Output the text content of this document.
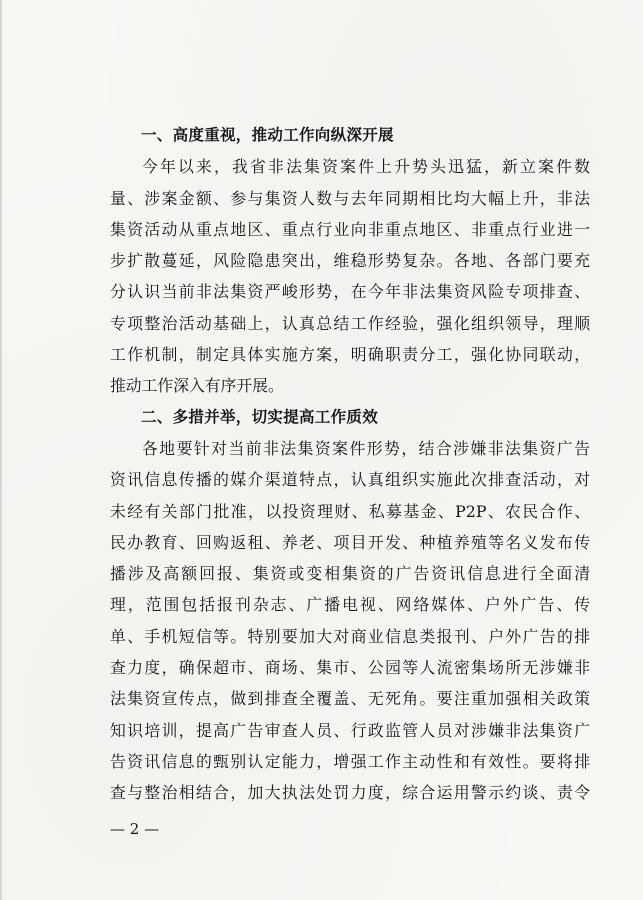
一、高度重视，推动工作向纵深开展
今年以来，我省非法集资案件上升势头迅猛，新立案件数
量、涉案金额、参与集资人数与去年同期相比均大幅上升，非法
集资活动从重点地区、重点行业向非重点地区、非重点行业进一
步扩散蔓延，风险隐患突出，维稳形势复杂。各地、各部门要充
分认识当前非法集资严峻形势，在今年非法集资风险专项排查、
专项整治活动基础上，认真总结工作经验，强化组织领导，理顺
工作机制，制定具体实施方案，明确职责分工，强化协同联动，
推动工作深入有序开展。
二、多措并举，切实提高工作质效
各地要针对当前非法集资案件形势，结合涉嫌非法集资广告
资讯信息传播的媒介渠道特点，认真组织实施此次排查活动，对
未经有关部门批准，以投资理财、私募基金、P2P、农民合作、
民办教育、回购返租、养老、项目开发、种植养殖等名义发布传
播涉及高额回报、集资或变相集资的广告资讯信息进行全面清
理，范围包括报刊杂志、广播电视、网络媒体、户外广告、传
单、手机短信等。特别要加大对商业信息类报刊、户外广告的排
查力度，确保超市、商场、集市、公园等人流密集场所无涉嫌非
法集资宣传点，做到排查全覆盖、无死角。要注重加强相关政策
知识培训，提高广告审查人员、行政监管人员对涉嫌非法集资广
告资讯信息的甄别认定能力，增强工作主动性和有效性。要将排
查与整治相结合，加大执法处罚力度，综合运用警示约谈、责令
— 2 —
